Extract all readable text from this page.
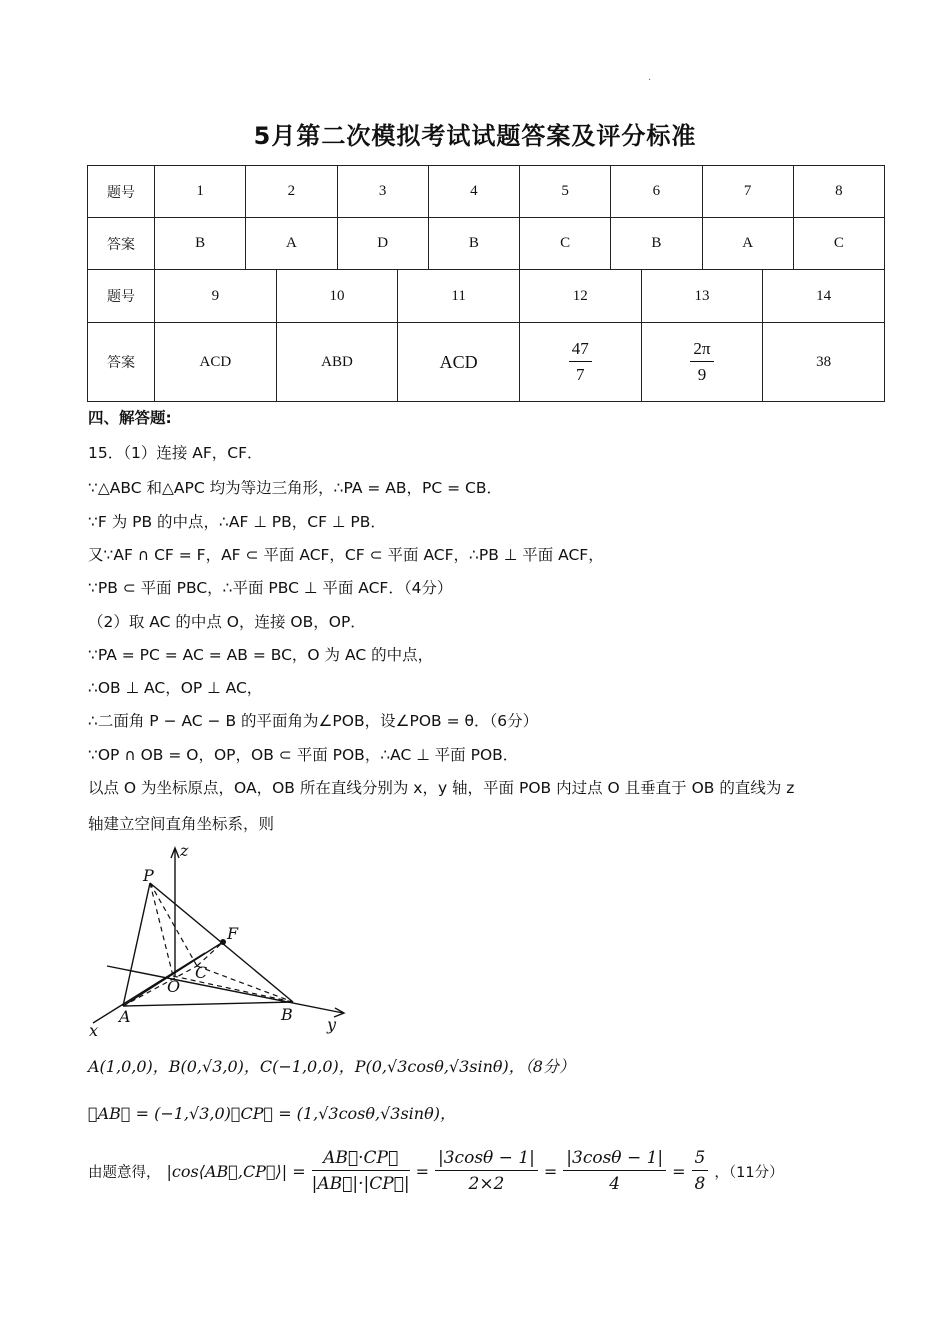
.
5月第二次模拟考试试题答案及评分标准
题号	1	2	3	4	5	6	7	8
答案	B	A	D	B	C	B	A	C
题号	9	10	11	12	13	14
答案	ACD	ABD	ACD	$\frac{47}{7}$	$\frac{2\pi}{9}$	38
四、解答题:
15．（1）连接 AF，CF．
∵△ABC 和△APC 均为等边三角形，∴PA = AB，PC = CB．
∵F 为 PB 的中点，∴AF ⊥ PB，CF ⊥ PB．
又∵AF ∩ CF = F，AF ⊂ 平面 ACF，CF ⊂ 平面 ACF，∴PB ⊥ 平面 ACF，
∵PB ⊂ 平面 PBC，∴平面 PBC ⊥ 平面 ACF．（4分）
（2）取 AC 的中点 O，连接 OB，OP．
∵PA = PC = AC = AB = BC，O 为 AC 的中点，
∴OB ⊥ AC，OP ⊥ AC，
∴二面角 P − AC − B 的平面角为∠POB，设∠POB = θ．（6分）
∵OP ∩ OB = O，OP，OB ⊂ 平面 POB，∴AC ⊥ 平面 POB．
以点 O 为坐标原点，OA，OB 所在直线分别为 x，y 轴，平面 POB 内过点 O 且垂直于 OB 的直线为 z
轴建立空间直角坐标系，则
P
z
F
C
O
A	B
x	y
A(1,0,0)，B(0,√3,0)，C(−1,0,0)，P(0,√3cosθ,√3sinθ)，（8分）
∴AB⃗ = (−1,√3,0)，CP⃗ = (1,√3cosθ,√3sinθ)，
由题意得， |cos⟨AB⃗,CP⃗⟩| = $\frac{AB⃗\cdot CP⃗}{|AB⃗|\cdot|CP⃗|} = \frac{|3\cos\theta - 1|}{2\times 2} = \frac{|3\cos\theta - 1|}{4} = \frac{5}{8}$ ，（11分）
